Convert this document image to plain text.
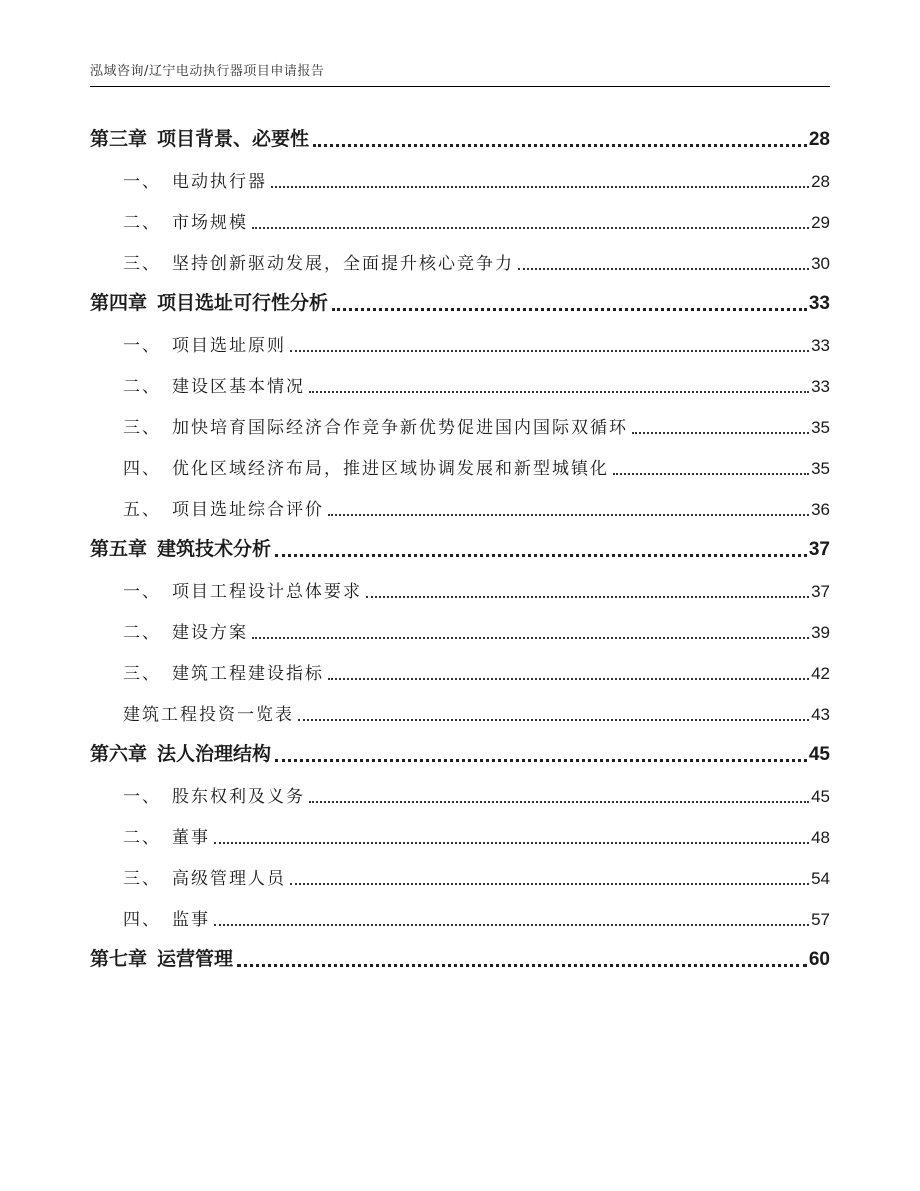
泓域咨询/辽宁电动执行器项目申请报告
第三章 项目背景、必要性	28
一、 电动执行器	28
二、 市场规模	29
三、 坚持创新驱动发展，全面提升核心竞争力	30
第四章 项目选址可行性分析	33
一、 项目选址原则	33
二、 建设区基本情况	33
三、 加快培育国际经济合作竞争新优势促进国内国际双循环	35
四、 优化区域经济布局，推进区域协调发展和新型城镇化	35
五、 项目选址综合评价	36
第五章 建筑技术分析	37
一、 项目工程设计总体要求	37
二、 建设方案	39
三、 建筑工程建设指标	42
建筑工程投资一览表	43
第六章 法人治理结构	45
一、 股东权利及义务	45
二、 董事	48
三、 高级管理人员	54
四、 监事	57
第七章 运营管理	60
